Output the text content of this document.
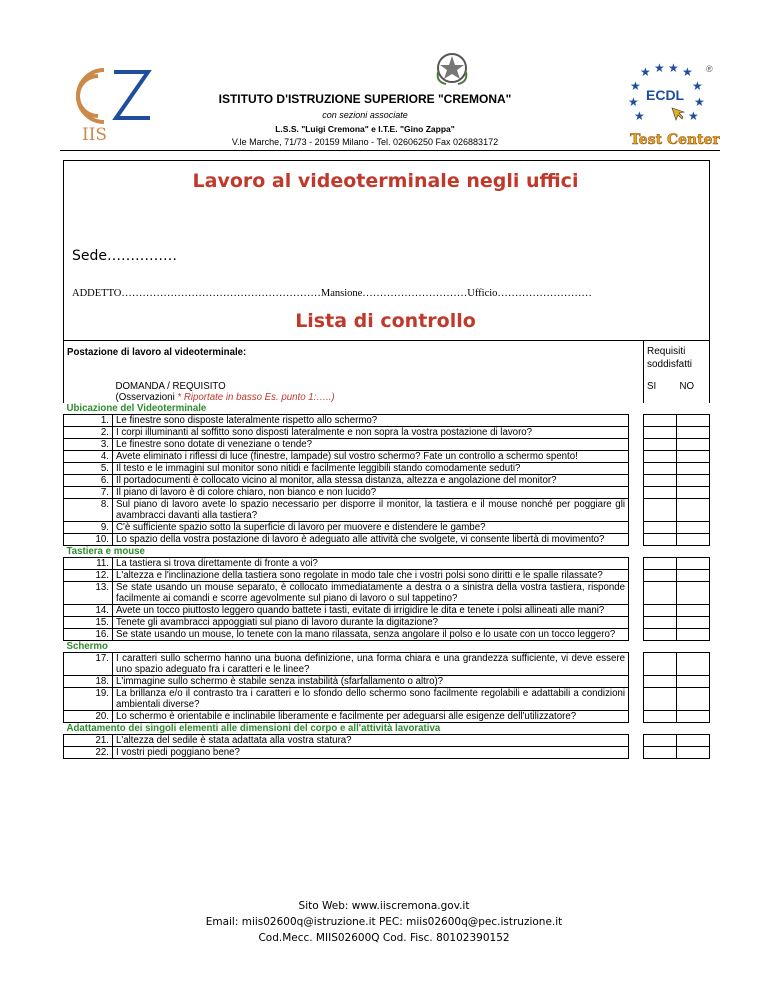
IIS
ISTITUTO D'ISTRUZIONE SUPERIORE "CREMONA"
con sezioni associate
L.S.S. "Luigi Cremona" e I.T.E. "Gino Zappa"
V.le Marche, 71/73 - 20159 Milano - Tel. 02606250 Fax 026883172
★ ★ ★ ★
★	★
★	★
★	★
ECDL
®
Test Center
Lavoro al videoterminale negli uffici
Sede……………
ADDETTO…………………………………………………Mansione…………………………Ufficio………………………
Lista di controllo
Postazione di lavoro al videoterminale:			Requisiti soddisfatti	

	DOMANDA / REQUISITO
(Osservazioni * Riportate in basso Es. punto 1:…..)		SI	NO
Ubicazione del Videoterminale				
1.	Le finestre sono disposte lateralmente rispetto allo schermo?			
2.	I corpi illuminanti al soffitto sono disposti lateralmente e non sopra la vostra postazione di lavoro?			
3.	Le finestre sono dotate di veneziane o tende?			
4.	Avete eliminato i riflessi di luce (finestre, lampade) sul vostro schermo? Fate un controllo a schermo spento!			
5.	Il testo e le immagini sul monitor sono nitidi e facilmente leggibili stando comodamente seduti?			
6.	Il portadocumenti è collocato vicino al monitor, alla stessa distanza, altezza e angolazione del monitor?			
7.	Il piano di lavoro è di colore chiaro, non bianco e non lucido?			
8.	Sul piano di lavoro avete lo spazio necessario per disporre il monitor, la tastiera e il mouse nonché per poggiare gli avambracci davanti alla tastiera?			
9.	C'è sufficiente spazio sotto la superficie di lavoro per muovere e distendere le gambe?			
10.	Lo spazio della vostra postazione di lavoro è adeguato alle attività che svolgete, vi consente libertà di movimento?			
Tastiera e mouse				
11.	La tastiera si trova direttamente di fronte a voi?			
12.	L'altezza e l'inclinazione della tastiera sono regolate in modo tale che i vostri polsi sono diritti e le spalle rilassate?			
13.	Se state usando un mouse separato, è collocato immediatamente a destra o a sinistra della vostra tastiera, risponde facilmente ai comandi e scorre agevolmente sul piano di lavoro o sul tappetino?			
14.	Avete un tocco piuttosto leggero quando battete i tasti, evitate di irrigidire le dita e tenete i polsi allineati alle mani?			
15.	Tenete gli avambracci appoggiati sul piano di lavoro durante la digitazione?			
16.	Se state usando un mouse, lo tenete con la mano rilassata, senza angolare il polso e lo usate con un tocco leggero?			
Schermo				
17.	I caratteri sullo schermo hanno una buona definizione, una forma chiara e una grandezza sufficiente, vi deve essere uno spazio adeguato fra i caratteri e le linee?			
18.	L'immagine sullo schermo è stabile senza instabilità (sfarfallamento o altro)?			
19.	La brillanza e/o il contrasto tra i caratteri e lo sfondo dello schermo sono facilmente regolabili e adattabili a condizioni ambientali diverse?			
20.	Lo schermo è orientabile e inclinabile liberamente e facilmente per adeguarsi alle esigenze dell'utilizzatore?			
Adattamento dei singoli elementi alle dimensioni del corpo e all'attività lavorativa				
21.	L'altezza del sedile è stata adattata alla vostra statura?			
22.	I vostri piedi poggiano bene?			
Sito Web: www.iiscremona.gov.it
Email: miis02600q@istruzione.it PEC: miis02600q@pec.istruzione.it
Cod.Mecc. MIIS02600Q Cod. Fisc. 80102390152
